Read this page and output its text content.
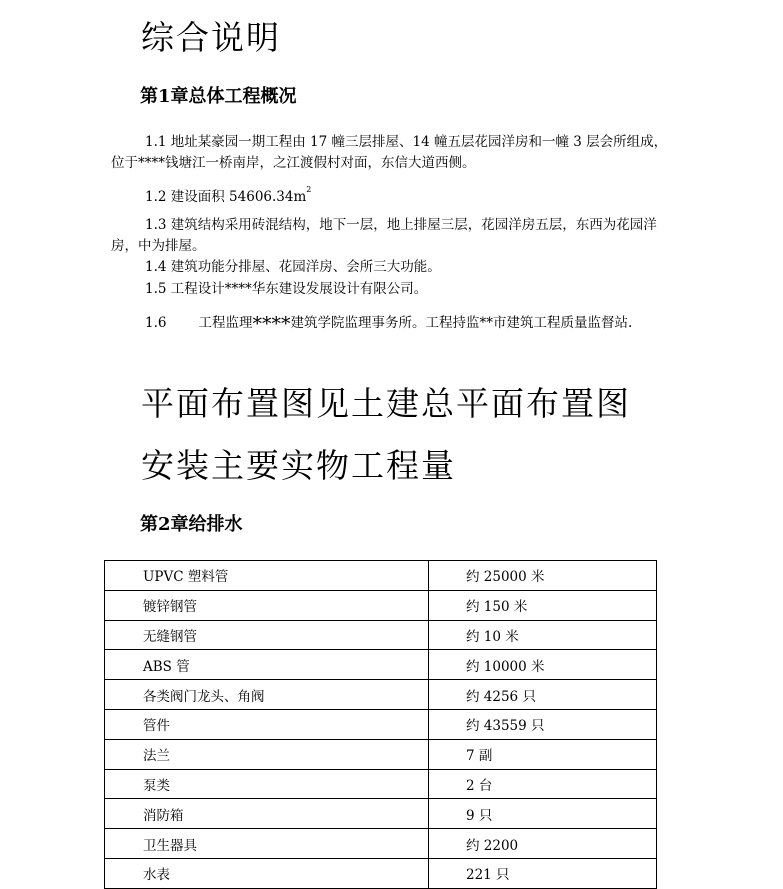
综合说明
第1章总体工程概况
1.1 地址某豪园一期工程由 17 幢三层排屋、14 幢五层花园洋房和一幢 3 层会所组成，
位于****钱塘江一桥南岸，之江渡假村对面，东信大道西侧。
1.2 建设面积 $54606.34m^2$
1.3 建筑结构采用砖混结构，地下一层，地上排屋三层，花园洋房五层，东西为花园洋
房，中为排屋。
1.4 建筑功能分排屋、花园洋房、会所三大功能。
1.5 工程设计****华东建设发展设计有限公司。
1.6 工程监理****建筑学院监理事务所。工程持监**市建筑工程质量监督站.
平面布置图见土建总平面布置图
安装主要实物工程量
第2章给排水
UPVC 塑料管	约 25000 米
镀锌钢管	约 150 米
无缝钢管	约 10 米
ABS 管	约 10000 米
各类阀门龙头、角阀	约 4256 只
管件	约 43559 只
法兰	7 副
泵类	2 台
消防箱	9 只
卫生器具	约 2200
水表	221 只
